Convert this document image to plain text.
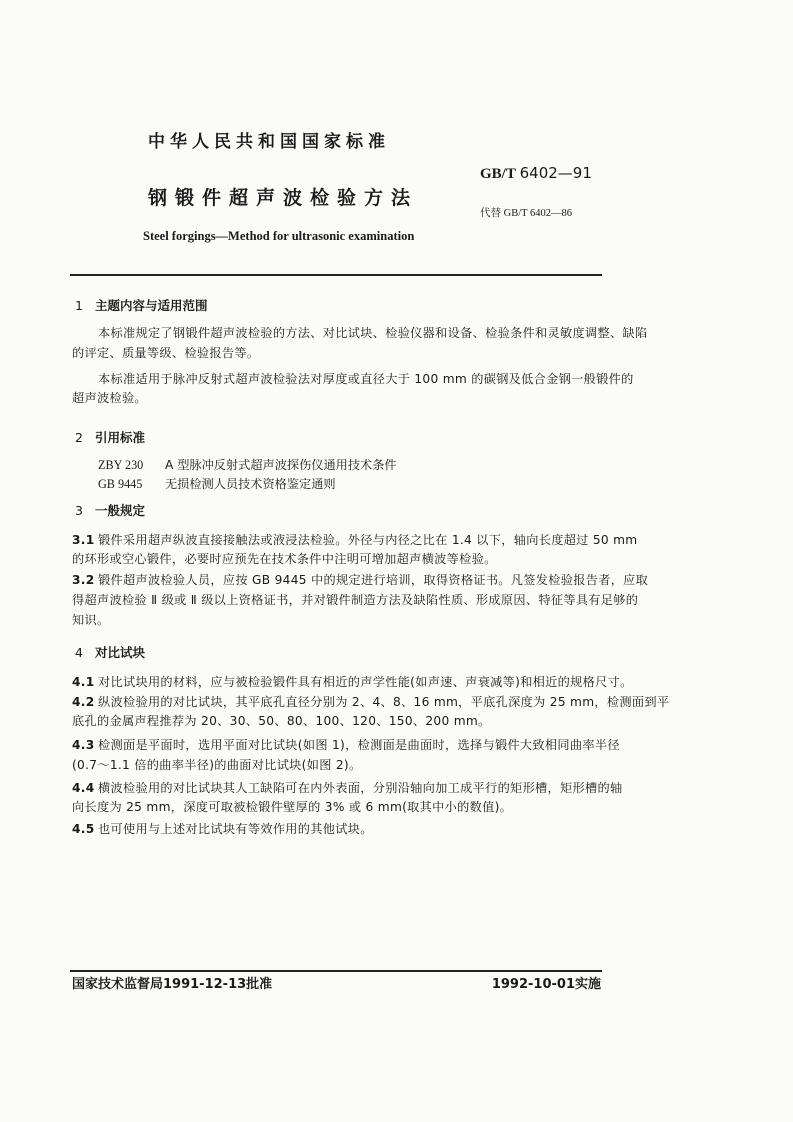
中华人民共和国国家标准
GB/T 6402—91
钢锻件超声波检验方法
代替 GB/T 6402—86
Steel forgings—Method for ultrasonic examination
1 主题内容与适用范围
本标准规定了钢锻件超声波检验的方法、对比试块、检验仪器和设备、检验条件和灵敏度调整、缺陷
的评定、质量等级、检验报告等。
本标准适用于脉冲反射式超声波检验法对厚度或直径大于 100 mm 的碳钢及低合金钢一般锻件的
超声波检验。
2 引用标准
ZBY 230 A 型脉冲反射式超声波探伤仪通用技术条件
GB 9445 无损检测人员技术资格鉴定通则
3 一般规定
3.1 锻件采用超声纵波直接接触法或液浸法检验。外径与内径之比在 1.4 以下，轴向长度超过 50 mm
的环形或空心锻件，必要时应预先在技术条件中注明可增加超声横波等检验。
3.2 锻件超声波检验人员，应按 GB 9445 中的规定进行培训，取得资格证书。凡签发检验报告者，应取
得超声波检验 Ⅱ 级或 Ⅱ 级以上资格证书，并对锻件制造方法及缺陷性质、形成原因、特征等具有足够的
知识。
4 对比试块
4.1 对比试块用的材料，应与被检验锻件具有相近的声学性能(如声速、声衰减等)和相近的规格尺寸。
4.2 纵波检验用的对比试块，其平底孔直径分别为 2、4、8、16 mm，平底孔深度为 25 mm，检测面到平
底孔的金属声程推荐为 20、30、50、80、100、120、150、200 mm。
4.3 检测面是平面时，选用平面对比试块(如图 1)，检测面是曲面时，选择与锻件大致相同曲率半径
(0.7～1.1 倍的曲率半径)的曲面对比试块(如图 2)。
4.4 横波检验用的对比试块其人工缺陷可在内外表面，分别沿轴向加工成平行的矩形槽，矩形槽的轴
向长度为 25 mm，深度可取被检锻件壁厚的 3% 或 6 mm(取其中小的数值)。
4.5 也可使用与上述对比试块有等效作用的其他试块。
国家技术监督局1991-12-13批准	1992-10-01实施
